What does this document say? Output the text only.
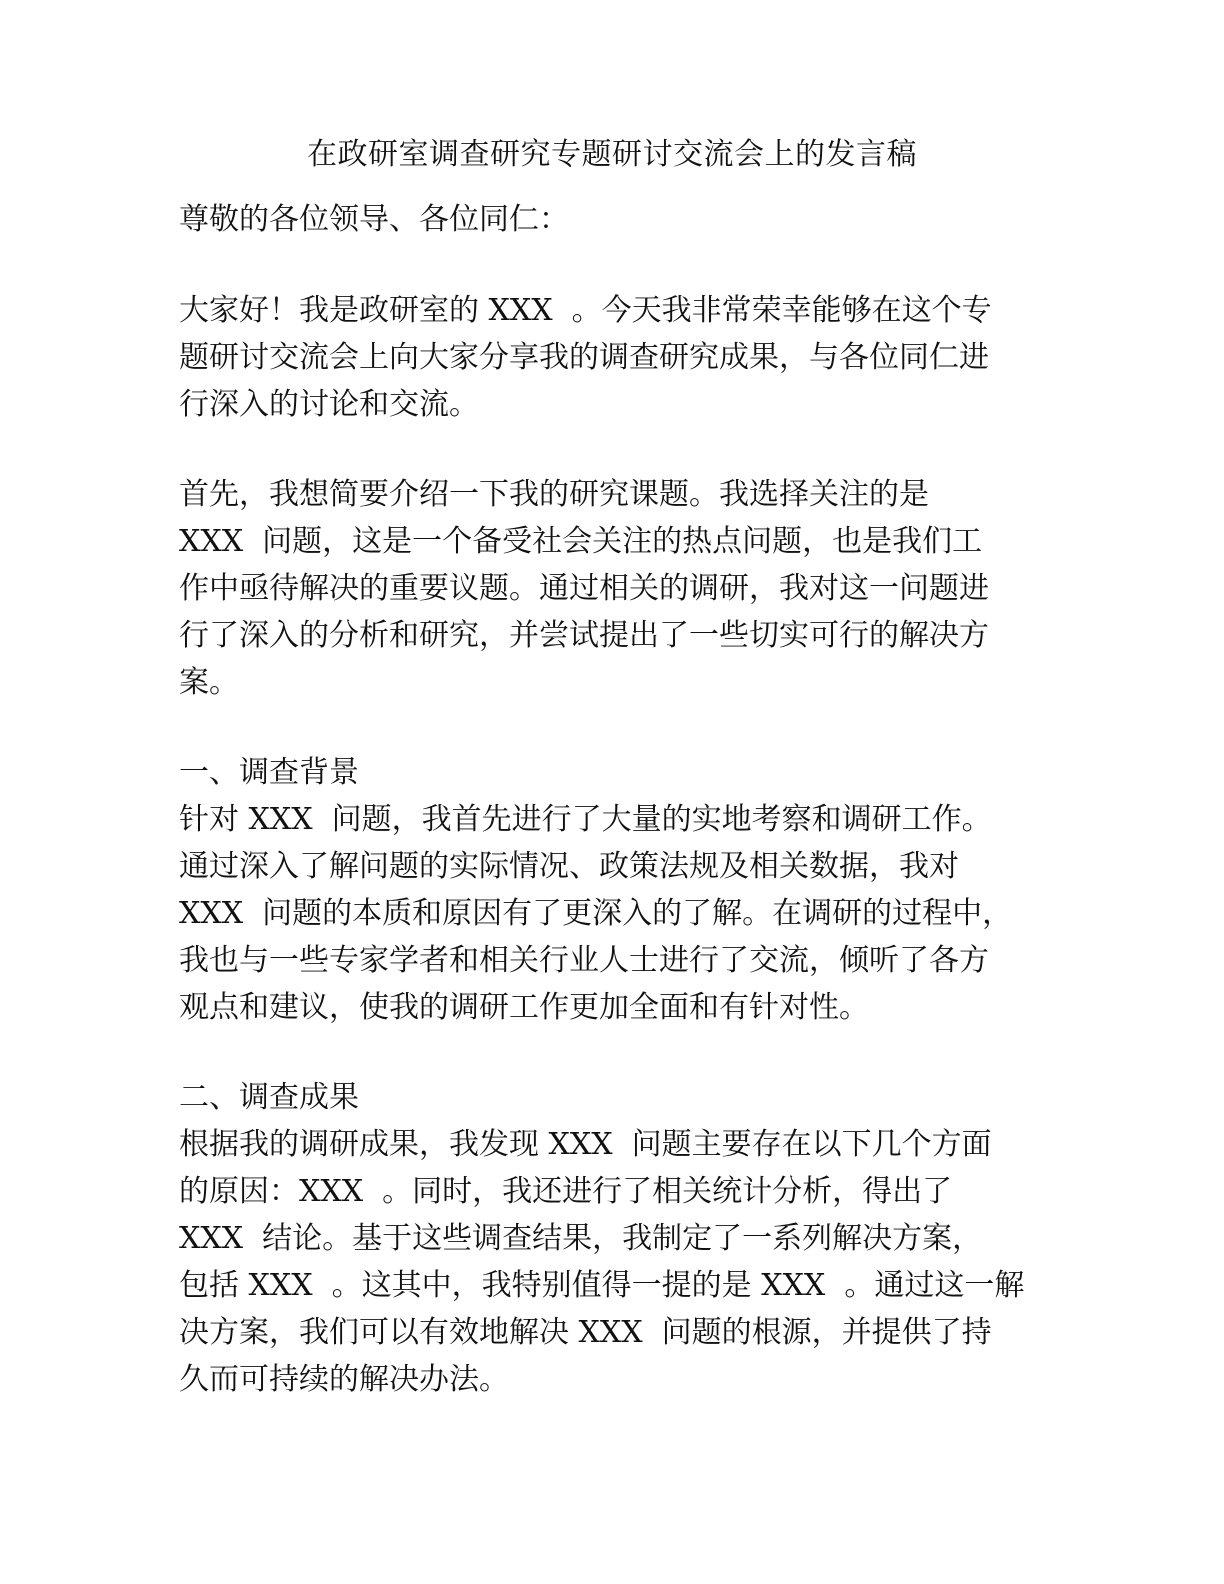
在政研室调查研究专题研讨交流会上的发言稿

尊敬的各位领导、各位同仁：

大家好！我是政研室的 XXX  。今天我非常荣幸能够在这个专

题研讨交流会上向大家分享我的调查研究成果，与各位同仁进

行深入的讨论和交流。

首先，我想简要介绍一下我的研究课题。我选择关注的是

XXX  问题，这是一个备受社会关注的热点问题，也是我们工

作中亟待解决的重要议题。通过相关的调研，我对这一问题进

行了深入的分析和研究，并尝试提出了一些切实可行的解决方

案。

一、调查背景

针对 XXX  问题，我首先进行了大量的实地考察和调研工作。

通过深入了解问题的实际情况、政策法规及相关数据，我对

XXX  问题的本质和原因有了更深入的了解。在调研的过程中，

我也与一些专家学者和相关行业人士进行了交流，倾听了各方

观点和建议，使我的调研工作更加全面和有针对性。

二、调查成果

根据我的调研成果，我发现 XXX  问题主要存在以下几个方面

的原因：XXX  。同时，我还进行了相关统计分析，得出了

XXX  结论。基于这些调查结果，我制定了一系列解决方案，

包括 XXX  。这其中，我特别值得一提的是 XXX  。通过这一解

决方案，我们可以有效地解决 XXX  问题的根源，并提供了持

久而可持续的解决办法。
